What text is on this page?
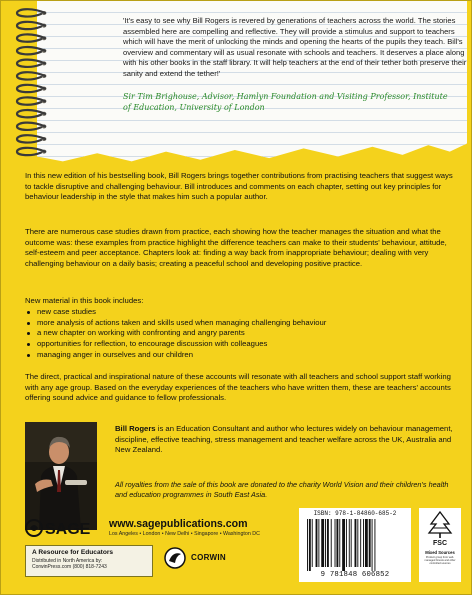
'It's easy to see why Bill Rogers is revered by generations of teachers across the world. The stories assembled here are compelling and reflective. They will provide a stimulus and support to teachers which will have the merit of unlocking the minds and opening the hearts of the pupils they teach. Bill's overview and commentary will as usual resonate with schools and teachers. It deserves a place along with his other books in the staff library. It will help teachers at the end of their tether both preserve their sanity and extend the tether!'

Sir Tim Brighouse, Advisor, Hamlyn Foundation and Visiting Professor, Institute of Education, University of London

In this new edition of his bestselling book, Bill Rogers brings together contributions from practising teachers that suggest ways to tackle disruptive and challenging behaviour. Bill introduces and comments on each chapter, setting out key principles for behaviour leadership in the style that makes him such a popular author.

There are numerous case studies drawn from practice, each showing how the teacher manages the situation and what the outcome was: these examples from practice highlight the difference teachers can make to their students' behaviour, attitude, self-esteem and peer acceptance. Chapters look at: finding a way back from inappropriate behaviour; dealing with very challenging behaviour on a daily basis; creating a peaceful school and developing positive practice.

New material in this book includes:

new case studies
more analysis of actions taken and skills used when managing challenging behaviour
a new chapter on working with confronting and angry parents
opportunities for reflection, to encourage discussion with colleagues
managing anger in ourselves and our children

The direct, practical and inspirational nature of these accounts will resonate with all teachers and school support staff working with any age group. Based on the everyday experiences of the teachers who have written them, these are teachers' accounts offering sound advice and guidance to fellow professionals.

Bill Rogers is an Education Consultant and author who lectures widely on behaviour management, discipline, effective teaching, stress management and teacher welfare across the UK, Australia and New Zealand.

All royalties from the sale of this book are donated to the charity World Vision and their children's health and education programmes in South East Asia.

SAGE www.sagepublications.com
Los Angeles • London • New Delhi • Singapore • Washington DC
A Resource for Educators
Distributed in North America by:
CorwinPress.com (800) 818-7243
CORWIN
ISBN: 978-1-84860-685-2
9 781848 606852
FSC
Mixed Sources
Product group from well-managed forests and other controlled sources
